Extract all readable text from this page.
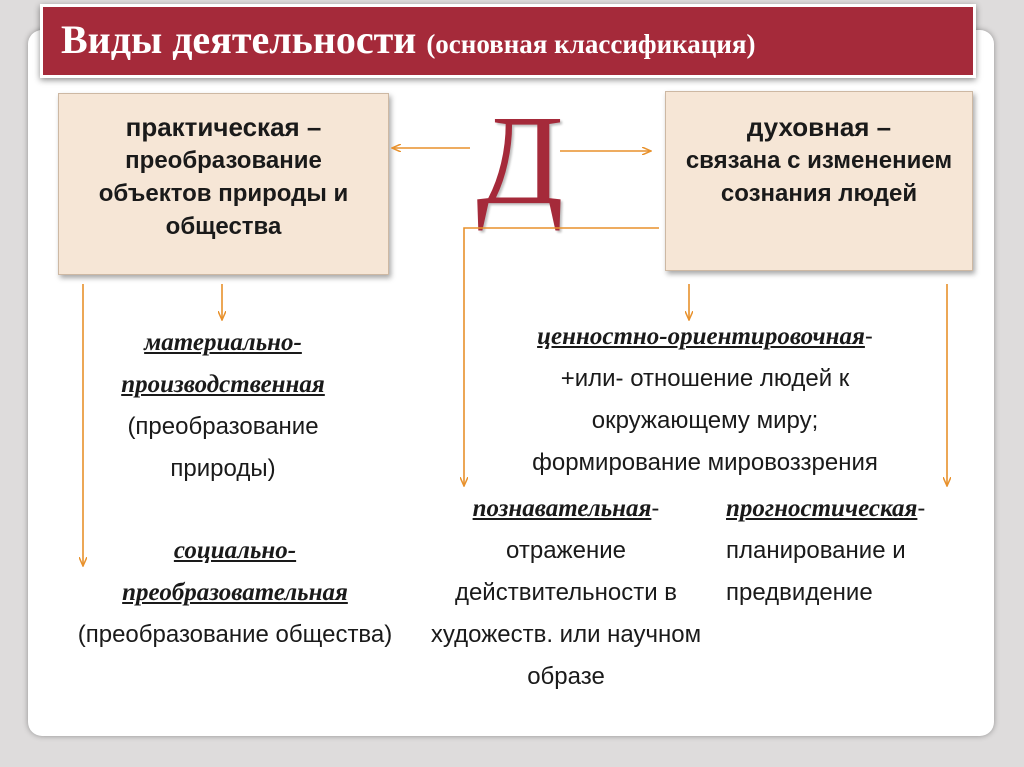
Виды деятельности (основная классификация)
практическая –
преобразование объектов природы и общества
духовная –
связана с изменением сознания людей
Д
материально-
производственная
(преобразование природы)
социально-
преобразовательная
(преобразование общества)
ценностно-ориентировочная-
+или- отношение людей к
окружающему миру;
формирование мировоззрения
познавательная-
отражение действительности в художеств. или научном образе
прогностическая-
планирование и предвидение
